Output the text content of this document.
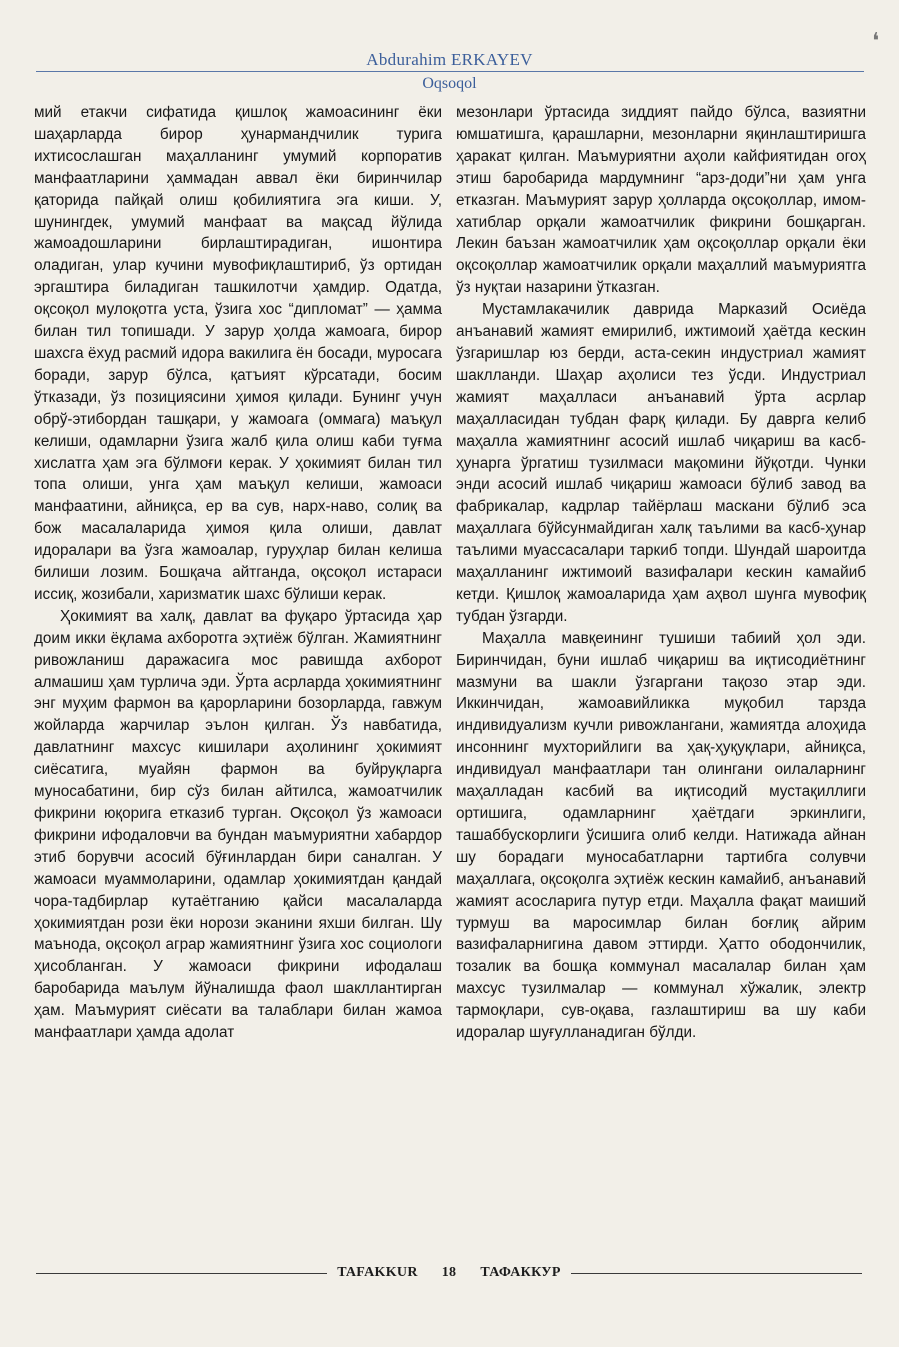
❛
Abdurahim ERKAYEV
Oqsoqol

мий етакчи сифатида қишлоқ жамоасининг ёки шаҳарларда бирор ҳунармандчилик турига ихтисослашган маҳалланинг умумий корпоратив манфаатларини ҳаммадан аввал ёки биринчилар қаторида пайқай олиш қобилиятига эга киши. У, шунингдек, умумий манфаат ва мақсад йўлида жамоадошларини бирлаштирадиган, ишонтира оладиган, улар кучини мувофиқлаштириб, ўз ортидан эргаштира биладиган ташкилотчи ҳамдир. Одатда, оқсоқол мулоқотга уста, ўзига хос “дипломат” — ҳамма билан тил топишади. У зарур ҳолда жамоага, бирор шахсга ёхуд расмий идора вакилига ён босади, муросага боради, зарур бўлса, қатъият кўрсатади, босим ўтказади, ўз позициясини ҳимоя қилади. Бунинг учун обрў-этибордан ташқари, у жамоага (оммага) маъқул келиши, одамларни ўзига жалб қила олиш каби туғма хислатга ҳам эга бўлмоғи керак. У ҳокимият билан тил топа олиши, унга ҳам маъқул келиши, жамоаси манфаатини, айниқса, ер ва сув, нарх-наво, солиқ ва бож масалаларида ҳимоя қила олиши, давлат идоралари ва ўзга жамоалар, гуруҳлар билан келиша билиши лозим. Бошқача айтганда, оқсоқол истараси иссиқ, жозибали, харизматик шахс бўлиши керак.

Ҳокимият ва халқ, давлат ва фуқаро ўртасида ҳар доим икки ёқлама ахборотга эҳтиёж бўлган. Жамиятнинг ривожланиш даражасига мос равишда ахборот алмашиш ҳам турлича эди. Ўрта асрларда ҳокимиятнинг энг муҳим фармон ва қарорларини бозорларда, гавжум жойларда жарчилар эълон қилган. Ўз навбатида, давлатнинг махсус кишилари аҳолининг ҳокимият сиёсатига, муайян фармон ва буйруқларга муносабатини, бир сўз билан айтилса, жамоатчилик фикрини юқорига етказиб турган. Оқсоқол ўз жамоаси фикрини ифодаловчи ва бундан маъмуриятни хабардор этиб борувчи асосий бўғинлардан бири саналган. У жамоаси муаммоларини, одамлар ҳокимиятдан қандай чора-тадбирлар кутаётганию қайси масалаларда ҳокимиятдан рози ёки норози эканини яхши билган. Шу маънода, оқсоқол аграр жамиятнинг ўзига хос социологи ҳисобланган. У жамоаси фикрини ифодалаш баробарида маълум йўналишда фаол шакллантирган ҳам. Маъмурият сиёсати ва талаблари билан жамоа манфаатлари ҳамда адолат

мезонлари ўртасида зиддият пайдо бўлса, вазиятни юмшатишга, қарашларни, мезонларни яқинлаштиришга ҳаракат қилган. Маъмуриятни аҳоли кайфиятидан огоҳ этиш баробарида мардумнинг “арз-доди”ни ҳам унга етказган. Маъмурият зарур ҳолларда оқсоқоллар, имом-хатиблар орқали жамоатчилик фикрини бошқарган. Лекин баъзан жамоатчилик ҳам оқсоқоллар орқали ёки оқсоқоллар жамоатчилик орқали маҳаллий маъмуриятга ўз нуқтаи назарини ўтказган.

Мустамлакачилик даврида Марказий Осиёда анъанавий жамият емирилиб, ижтимоий ҳаётда кескин ўзгаришлар юз берди, аста-секин индустриал жамият шаклланди. Шаҳар аҳолиси тез ўсди. Индустриал жамият маҳалласи анъанавий ўрта асрлар маҳалласидан тубдан фарқ қилади. Бу даврга келиб маҳалла жамиятнинг асосий ишлаб чиқариш ва касб-ҳунарга ўргатиш тузилмаси мақомини йўқотди. Чунки энди асосий ишлаб чиқариш жамоаси бўлиб завод ва фабрикалар, кадрлар тайёрлаш маскани бўлиб эса маҳаллага бўйсунмайдиган халқ таълими ва касб-ҳунар таълими муассасалари таркиб топди. Шундай шароитда маҳалланинг ижтимоий вазифалари кескин камайиб кетди. Қишлоқ жамоаларида ҳам аҳвол шунга мувофиқ тубдан ўзгарди.

Маҳалла мавқеининг тушиши табиий ҳол эди. Биринчидан, буни ишлаб чиқариш ва иқтисодиётнинг мазмуни ва шакли ўзгаргани тақозо этар эди. Иккинчидан, жамоавийликка муқобил тарзда индивидуализм кучли ривожлангани, жамиятда алоҳида инсоннинг мухторийлиги ва ҳақ-ҳуқуқлари, айниқса, индивидуал манфаатлари тан олингани оилаларнинг маҳалладан касбий ва иқтисодий мустақиллиги ортишига, одамларнинг ҳаётдаги эркинлиги, ташаббускорлиги ўсишига олиб келди. Натижада айнан шу борадаги муносабатларни тартибга солувчи маҳаллага, оқсоқолга эҳтиёж кескин камайиб, анъанавий жамият асосларига путур етди. Маҳалла фақат маиший турмуш ва маросимлар билан боғлиқ айрим вазифаларнигина давом эттирди. Ҳатто ободончилик, тозалик ва бошқа коммунал масалалар билан ҳам махсус тузилмалар — коммунал хўжалик, электр тармоқлари, сув-оқава, газлаштириш ва шу каби идоралар шуғулланадиган бўлди.

TAFAKKUR	18	ТАФАККУР
